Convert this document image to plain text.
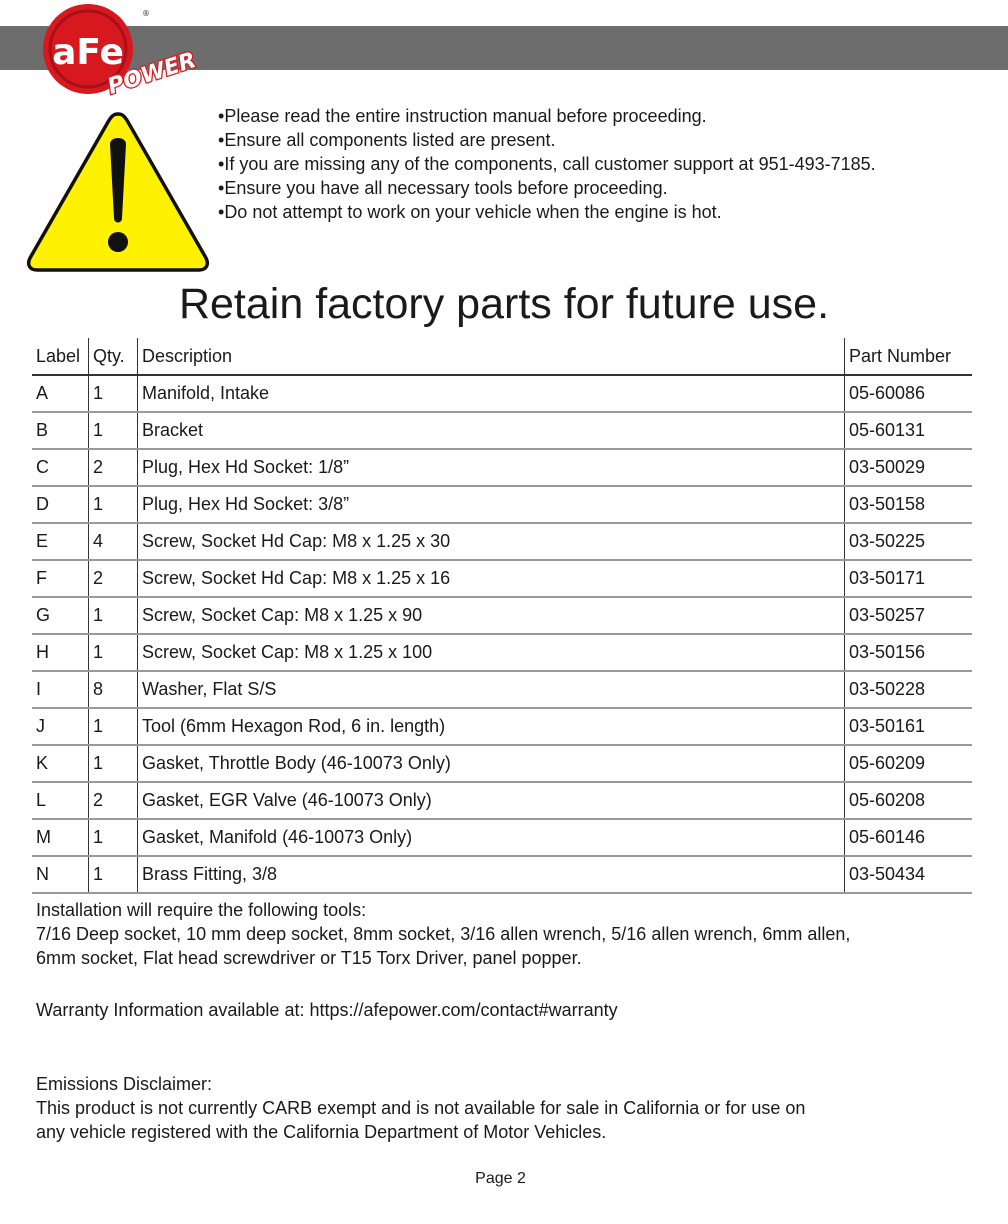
aFe
®
POWER
• Please read the entire instruction manual before proceeding.
• Ensure all components listed are present.
• If you are missing any of the components, call customer support at 951-493-7185.
• Ensure you have all necessary tools before proceeding.
• Do not attempt to work on your vehicle when the engine is hot.
Retain factory parts for future use.
Label	Qty.	Description	Part Number
A	1	Manifold, Intake	05-60086
B	1	Bracket	05-60131
C	2	Plug, Hex Hd Socket: 1/8”	03-50029
D	1	Plug, Hex Hd Socket: 3/8”	03-50158
E	4	Screw, Socket Hd Cap: M8 x 1.25 x 30	03-50225
F	2	Screw, Socket Hd Cap: M8 x 1.25 x 16	03-50171
G	1	Screw, Socket Cap: M8 x 1.25 x 90	03-50257
H	1	Screw, Socket Cap: M8 x 1.25 x 100	03-50156
I	8	Washer, Flat S/S	03-50228
J	1	Tool (6mm Hexagon Rod, 6 in. length)	03-50161
K	1	Gasket, Throttle Body (46-10073 Only)	05-60209
L	2	Gasket, EGR Valve (46-10073 Only)	05-60208
M	1	Gasket, Manifold (46-10073 Only)	05-60146
N	1	Brass Fitting, 3/8	03-50434

Installation will require the following tools:

7/16 Deep socket, 10 mm deep socket, 8mm socket, 3/16 allen wrench, 5/16 allen wrench, 6mm allen,

6mm socket, Flat head screwdriver or T15 Torx Driver, panel popper.

Warranty Information available at: https://afepower.com/contact#warranty

Emissions Disclaimer:

This product is not currently CARB exempt and is not available for sale in California or for use on

any vehicle registered with the California Department of Motor Vehicles.

Page 2
